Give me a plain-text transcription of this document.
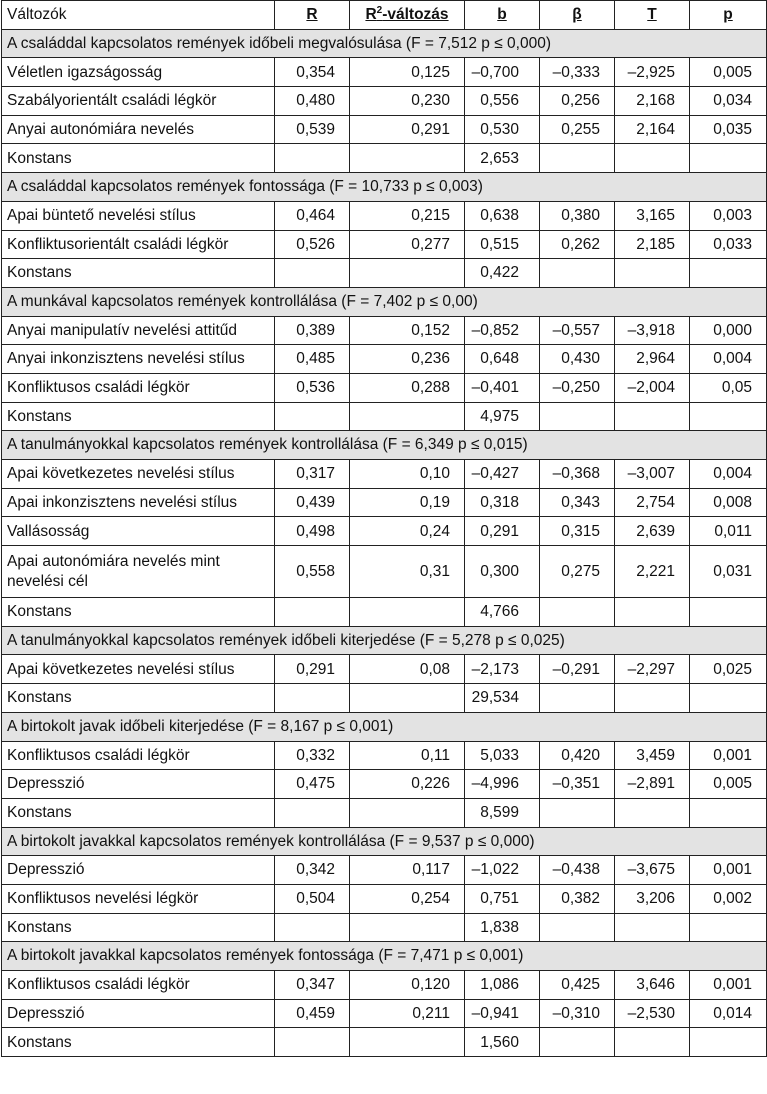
Változók	R	$R^2$-változás	b	β	T	p
A családdal kapcsolatos remények időbeli megvalósulása (F = 7,512 p ≤ 0,000)						
Véletlen igazságosság	0,354	0,125	–0,700	–0,333	–2,925	0,005
Szabályorientált családi légkör	0,480	0,230	0,556	0,256	2,168	0,034
Anyai autonómiára nevelés	0,539	0,291	0,530	0,255	2,164	0,035
Konstans			2,653			
A családdal kapcsolatos remények fontossága (F = 10,733 p ≤ 0,003)						
Apai büntető nevelési stílus	0,464	0,215	0,638	0,380	3,165	0,003
Konfliktusorientált családi légkör	0,526	0,277	0,515	0,262	2,185	0,033
Konstans			0,422			
A munkával kapcsolatos remények kontrollálása (F = 7,402 p ≤ 0,00)						
Anyai manipulatív nevelési attitűd	0,389	0,152	–0,852	–0,557	–3,918	0,000
Anyai inkonzisztens nevelési stílus	0,485	0,236	0,648	0,430	2,964	0,004
Konfliktusos családi légkör	0,536	0,288	–0,401	–0,250	–2,004	0,05
Konstans			4,975			
A tanulmányokkal kapcsolatos remények kontrollálása (F = 6,349 p ≤ 0,015)						
Apai következetes nevelési stílus	0,317	0,10	–0,427	–0,368	–3,007	0,004
Apai inkonzisztens nevelési stílus	0,439	0,19	0,318	0,343	2,754	0,008
Vallásosság	0,498	0,24	0,291	0,315	2,639	0,011
Apai autonómiára nevelés mint nevelési cél	0,558	0,31	0,300	0,275	2,221	0,031
Konstans			4,766			
A tanulmányokkal kapcsolatos remények időbeli kiterjedése (F = 5,278 p ≤ 0,025)						
Apai következetes nevelési stílus	0,291	0,08	–2,173	–0,291	–2,297	0,025
Konstans			29,534			
A birtokolt javak időbeli kiterjedése (F = 8,167 p ≤ 0,001)						
Konfliktusos családi légkör	0,332	0,11	5,033	0,420	3,459	0,001
Depresszió	0,475	0,226	–4,996	–0,351	–2,891	0,005
Konstans			8,599			
A birtokolt javakkal kapcsolatos remények kontrollálása (F = 9,537 p ≤ 0,000)						
Depresszió	0,342	0,117	–1,022	–0,438	–3,675	0,001
Konfliktusos nevelési légkör	0,504	0,254	0,751	0,382	3,206	0,002
Konstans			1,838			
A birtokolt javakkal kapcsolatos remények fontossága (F = 7,471 p ≤ 0,001)						
Konfliktusos családi légkör	0,347	0,120	1,086	0,425	3,646	0,001
Depresszió	0,459	0,211	–0,941	–0,310	–2,530	0,014
Konstans			1,560			
